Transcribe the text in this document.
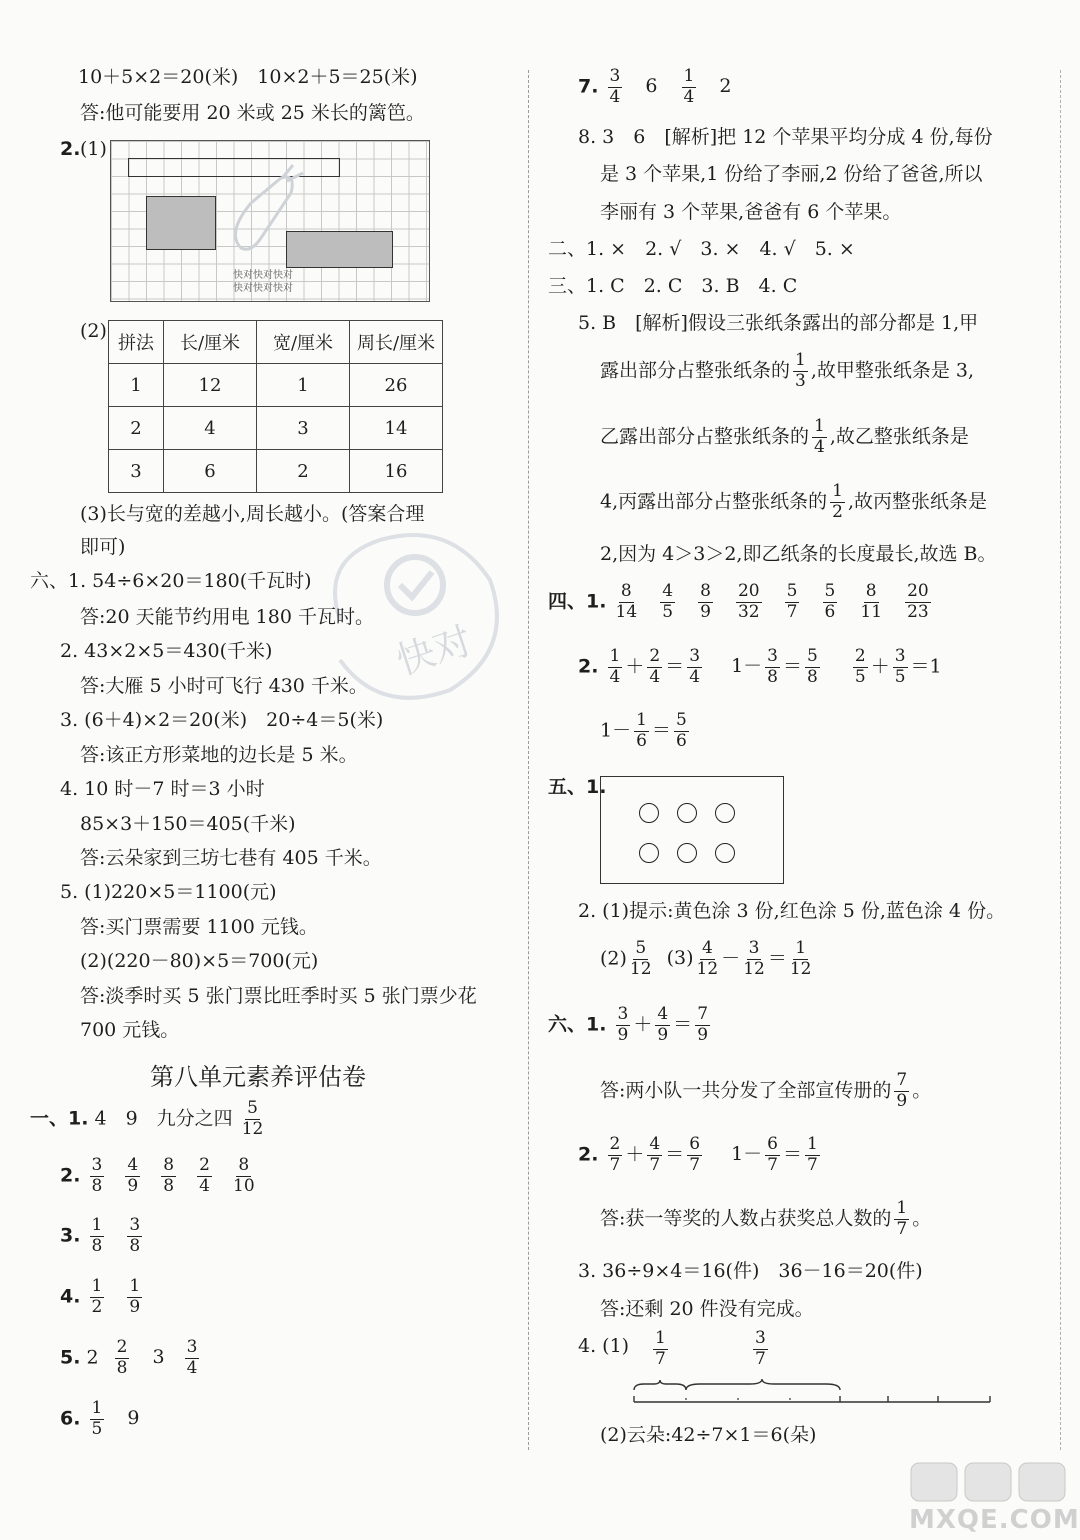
10＋5×2＝20(米)　10×2＋5＝25(米)
答:他可能要用 20 米或 25 米长的篱笆。
2. (1)
快对快对快对
快对快对快对
(2)
拼法	长/厘米	宽/厘米	周长/厘米
1	12	1	26
2	4	3	14
3	6	2	16
快对
(3)长与宽的差越小,周长越小。(答案合理
即可)
六、1. 54÷6×20＝180(千瓦时)
答:20 天能节约用电 180 千瓦时。
2. 43×2×5＝430(千米)
答:大雁 5 小时可飞行 430 千米。
3. (6＋4)×2＝20(米)　20÷4＝5(米)
答:该正方形菜地的边长是 5 米。
4. 10 时－7 时＝3 小时
85×3＋150＝405(千米)
答:云朵家到三坊七巷有 405 千米。
5. (1)220×5＝1100(元)
答:买门票需要 1100 元钱。
(2)(220－80)×5＝700(元)
答:淡季时买 5 张门票比旺季时买 5 张门票少花
700 元钱。
第八单元素养评估卷
一、1. 4　9　九分之四 $\frac{5}{12}$
2. $\frac{3}{8}$
$\frac{4}{9}$
$\frac{8}{8}$
$\frac{2}{4}$
$\frac{8}{10}$
3. $\frac{1}{8}$
$\frac{3}{8}$
4. $\frac{1}{2}$
$\frac{1}{9}$
5. $2 \frac{2}{8} 3 \frac{3}{4}$
6. $\frac{1}{5} 9$
7. $\frac{3}{4} 6 \frac{1}{4} 2$
8. 3　6　[解析]把 12 个苹果平均分成 4 份,每份
是 3 个苹果,1 份给了李丽,2 份给了爸爸,所以
李丽有 3 个苹果,爸爸有 6 个苹果。
二、1. ×　2. √　3. ×　4. √　5. ×
三、1. C　2. C　3. B　4. C
5. B　[解析]假设三张纸条露出的部分都是 1,甲
露出部分占整张纸条的 $\frac{1}{3}$ ,故甲整张纸条是 3,
乙露出部分占整张纸条的 $\frac{1}{4}$ ,故乙整张纸条是
4,丙露出部分占整张纸条的 $\frac{1}{2}$ ,故丙整张纸条是
2,因为 4＞3＞2,即乙纸条的长度最长,故选 B。
四、1. $\frac{8}{14}$
$\frac{4}{5}$
$\frac{8}{9}$
$\frac{20}{32}$
$\frac{5}{7}$
$\frac{5}{6}$
$\frac{8}{11}$
$\frac{20}{23}$
2. $\frac{1}{4} + \frac{2}{4} = \frac{3}{4} 1- \frac{3}{8} = \frac{5}{8}$
$\frac{2}{5} + \frac{3}{5} =1$
$1- \frac{1}{6} = \frac{5}{6}$
五、1.
2. (1)提示:黄色涂 3 份,红色涂 5 份,蓝色涂 4 份。
$(2) \frac{5}{12} (3) \frac{4}{12} - \frac{3}{12} = \frac{1}{12}$
六、1. $\frac{3}{9} + \frac{4}{9} = \frac{7}{9}$
答:两小队一共分发了全部宣传册的 $\frac{7}{9}$ 。
2. $\frac{2}{7} + \frac{4}{7} = \frac{6}{7} 1- \frac{6}{7} = \frac{1}{7}$
答:获一等奖的人数占获奖总人数的 $\frac{1}{7}$ 。
3. 36÷9×4＝16(件)　36－16＝20(件)
答:还剩 20 件没有完成。
4. $(1) \frac{1}{7}$	$\frac{3}{7}$
(2)云朵:42÷7×1＝6(朵)
MXQE.COM
